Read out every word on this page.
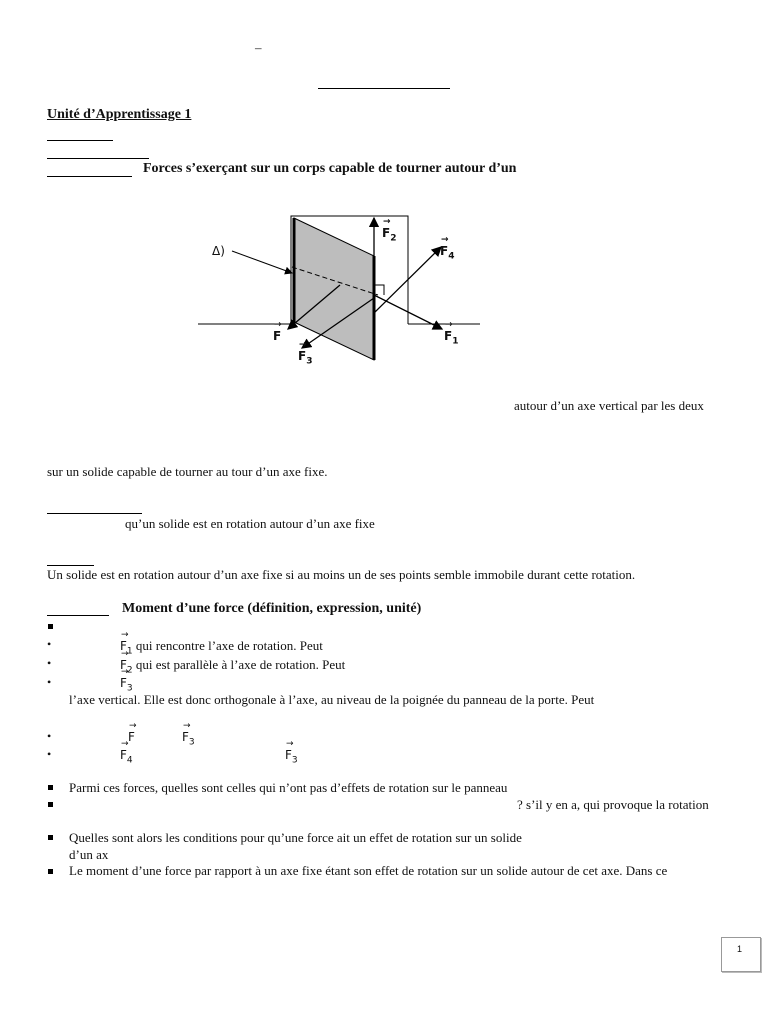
–
Unité d’Apprentissage 1
Forces s’exerçant sur un corps capable de tourner autour d’un
Δ)
→ $F_2$
→ $F_4$
→ $F_1$
→ F
→ $F_3$
autour d’un axe vertical par les deux
sur un solide capable de tourner au tour d’un axe fixe.
qu’un solide est en rotation autour d’un axe fixe
Un solide est en rotation autour d’un axe fixe si au moins un de ses points semble immobile durant cette rotation.
Moment d’une force (définition, expression, unité)
•	→ $F_1$ qui rencontre l’axe de rotation. Peut
•	→ $F_2$ qui est parallèle à l’axe de rotation. Peut
•	→ $F_3$
l’axe vertical. Elle est donc orthogonale à l’axe, au niveau de la poignée du panneau de la porte. Peut
•	→ F	→ $F_3$
•	→ $F_4$	→ $F_3$
Parmi ces forces, quelles sont celles qui n’ont pas d’effets de rotation sur le panneau
? s’il y en a, qui provoque la rotation
Quelles sont alors les conditions pour qu’une force ait un effet de rotation sur un solide
d’un ax
Le moment d’une force par rapport à un axe fixe étant son effet de rotation sur un solide autour de cet axe. Dans ce
1
